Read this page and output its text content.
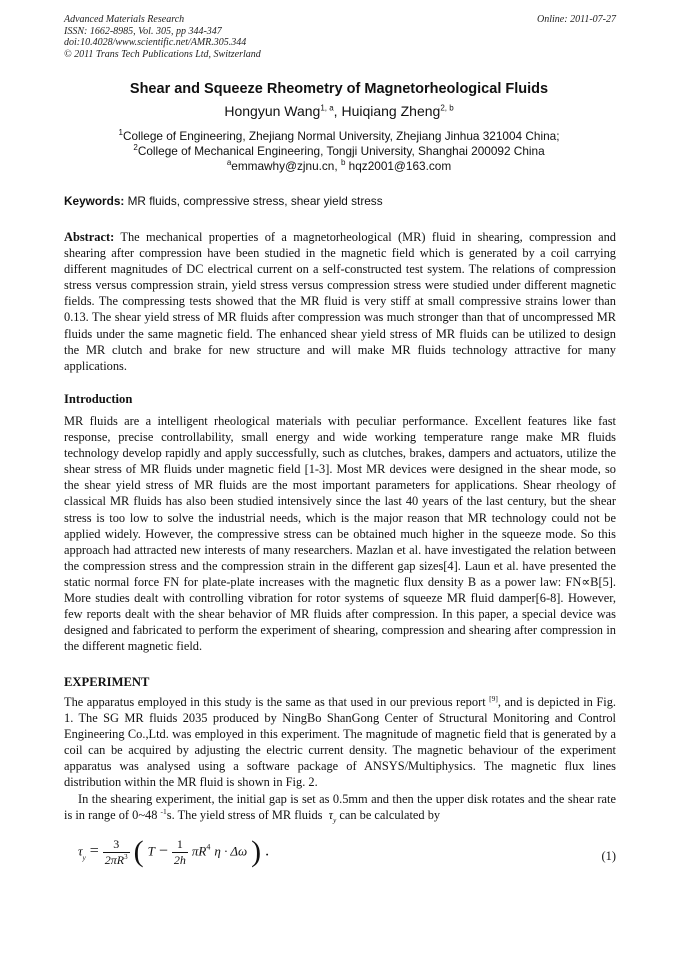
Advanced Materials Research
ISSN: 1662-8985, Vol. 305, pp 344-347
doi:10.4028/www.scientific.net/AMR.305.344
© 2011 Trans Tech Publications Ltd, Switzerland
Online: 2011-07-27
Shear and Squeeze Rheometry of Magnetorheological Fluids
Hongyun Wang$^{1, a}$, Huiqiang Zheng$^{2, b}$
$^1$College of Engineering, Zhejiang Normal University, Zhejiang Jinhua 321004 China;
$^2$College of Mechanical Engineering, Tongji University, Shanghai 200092 China
$^a$emmawhy@zjnu.cn, $^b$ hqz2001@163.com
Keywords: MR fluids, compressive stress, shear yield stress
Abstract: The mechanical properties of a magnetorheological (MR) fluid in shearing, compression and shearing after compression have been studied in the magnetic field which is generated by a coil carrying different magnitudes of DC electrical current on a self-constructed test system. The relations of compression stress versus compression strain, yield stress versus compression stress were studied under different magnetic fields. The compressing tests showed that the MR fluid is very stiff at small compressive strains lower than 0.13. The shear yield stress of MR fluids after compression was much stronger than that of uncompressed MR fluids under the same magnetic field. The enhanced shear yield stress of MR fluids can be utilized to design the MR clutch and brake for new structure and will make MR fluids technology attractive for many applications.
Introduction
MR fluids are a intelligent rheological materials with peculiar performance. Excellent features like fast response, precise controllability, small energy and wide working temperature range make MR fluids technology develop rapidly and apply successfully, such as clutches, brakes, dampers and actuators, utilize the shear stress of MR fluids under magnetic field [1-3]. Most MR devices were designed in the shear mode, so the shear yield stress of MR fluids are the most important parameters for applications. Shear rheology of classical MR fluids has also been studied intensively since the last 40 years of the last century, but the shear stress is too low to solve the industrial needs, which is the major reason that MR technology could not be applied widely. However, the compressive stress can be obtained much higher in the squeeze mode. So this approach had attracted new interests of many researchers. Mazlan et al. have investigated the relation between the compression stress and the compression strain in the different gap sizes[4]. Laun et al. have presented the static normal force FN for plate-plate increases with the magnetic flux density B as a power law: FN∝B[5]. More studies dealt with controlling vibration for rotor systems of squeeze MR fluid damper[6-8]. However, few reports dealt with the shear behavior of MR fluids after compression. In this paper, a special device was designed and fabricated to perform the experiment of shearing, compression and shearing after compression in the different magnetic field.
EXPERIMENT
The apparatus employed in this study is the same as that used in our previous report [9], and is depicted in Fig. 1. The SG MR fluids 2035 produced by NingBo ShanGong Center of Structural Monitoring and Control Engineering Co.,Ltd. was employed in this experiment. The magnitude of magnetic field that is generated by a coil can be acquired by adjusting the electric current density. The magnetic behaviour of the experiment apparatus was analysed using a software package of ANSYS/Multiphysics. The magnetic flux lines distribution within the MR fluid is shown in Fig. 2.
In the shearing experiment, the initial gap is set as 0.5mm and then the upper disk rotates and the shear rate is in range of 0~48 $^{-1}$s. The yield stress of MR fluids $\tau_y$ can be calculated by
$\tau_y = \frac{3}{2\pi R^3}$ ( $T - \frac{1}{2h} \pi R^4$ η · Δω ) .	(1)
